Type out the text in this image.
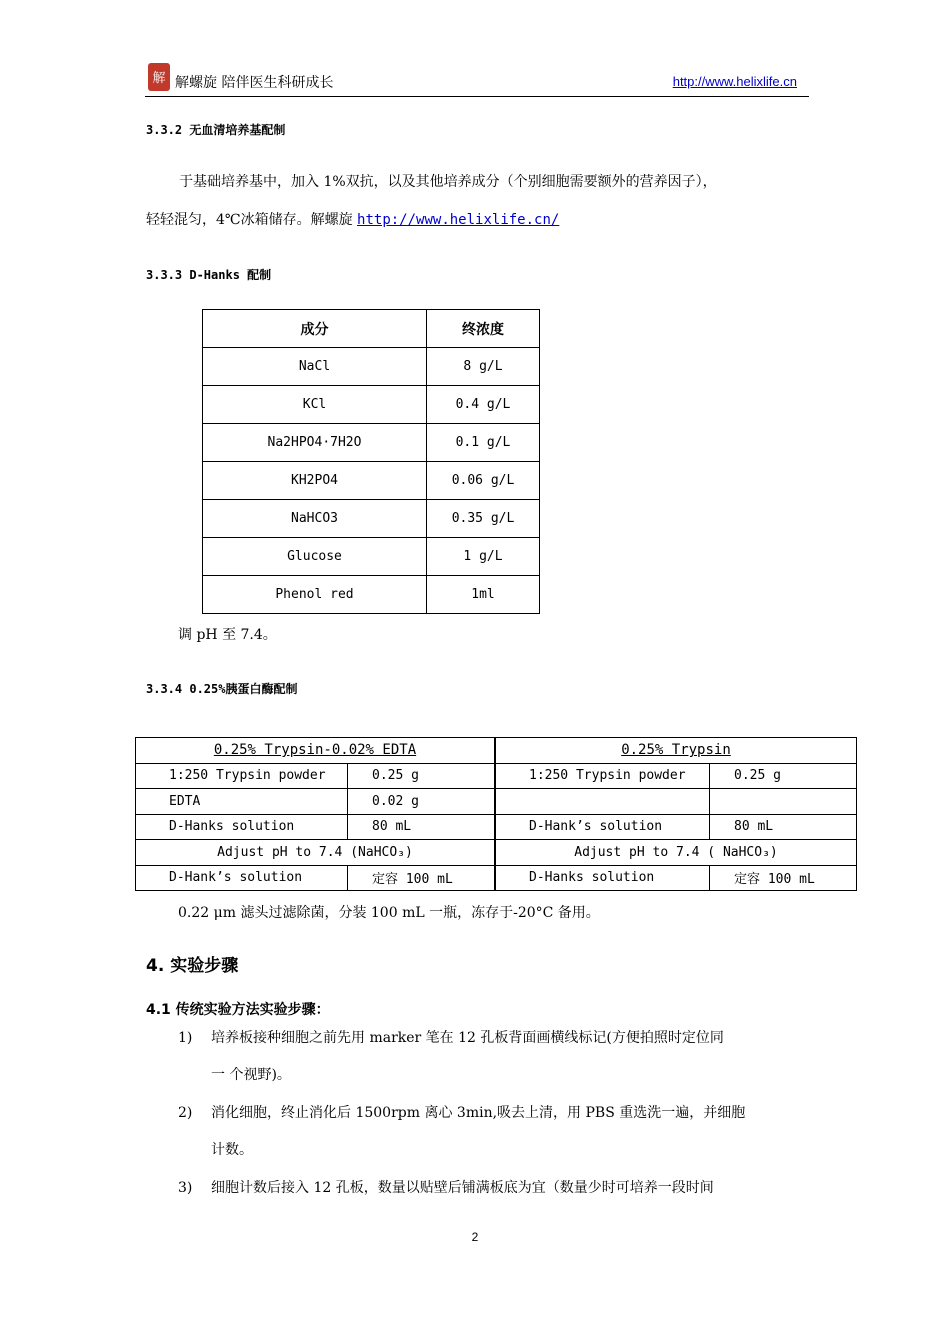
解 解螺旋 陪伴医生科研成长	http://www.helixlife.cn
3.3.2 无血清培养基配制
于基础培养基中，加入 1%双抗，以及其他培养成分（个别细胞需要额外的营养因子），
轻轻混匀，4℃冰箱储存。解螺旋 http://www.helixlife.cn/
3.3.3 D-Hanks 配制
成分	终浓度
NaCl	8 g/L
KCl	0.4 g/L
Na2HPO4·7H2O	0.1 g/L
KH2PO4	0.06 g/L
NaHCO3	0.35 g/L
Glucose	1 g/L
Phenol red	1ml
调 pH 至 7.4。
3.3.4 0.25%胰蛋白酶配制
0.25% Trypsin-0.02% EDTA	
1:250 Trypsin powder	0.25 g
EDTA	0.02 g
D-Hanks solution	80 mL
Adjust pH to 7.4 (NaHCO₃)	
D-Hank’s solution	定容 100 mL
0.25% Trypsin	
1:250 Trypsin powder	0.25 g

D-Hank’s solution	80 mL
Adjust pH to 7.4 ( NaHCO₃)	
D-Hanks solution	定容 100 mL
0.22 μm 滤头过滤除菌，分装 100 mL 一瓶，冻存于-20°C 备用。
4. 实验步骤
4.1 传统实验方法实验步骤：
1) 培养板接种细胞之前先用 marker 笔在 12 孔板背面画横线标记(方便拍照时定位同
一 个视野)。
2) 消化细胞，终止消化后 1500rpm 离心 3min,吸去上清，用 PBS 重选洗一遍，并细胞
计数。
3) 细胞计数后接入 12 孔板，数量以贴壁后铺满板底为宜（数量少时可培养一段时间
2
